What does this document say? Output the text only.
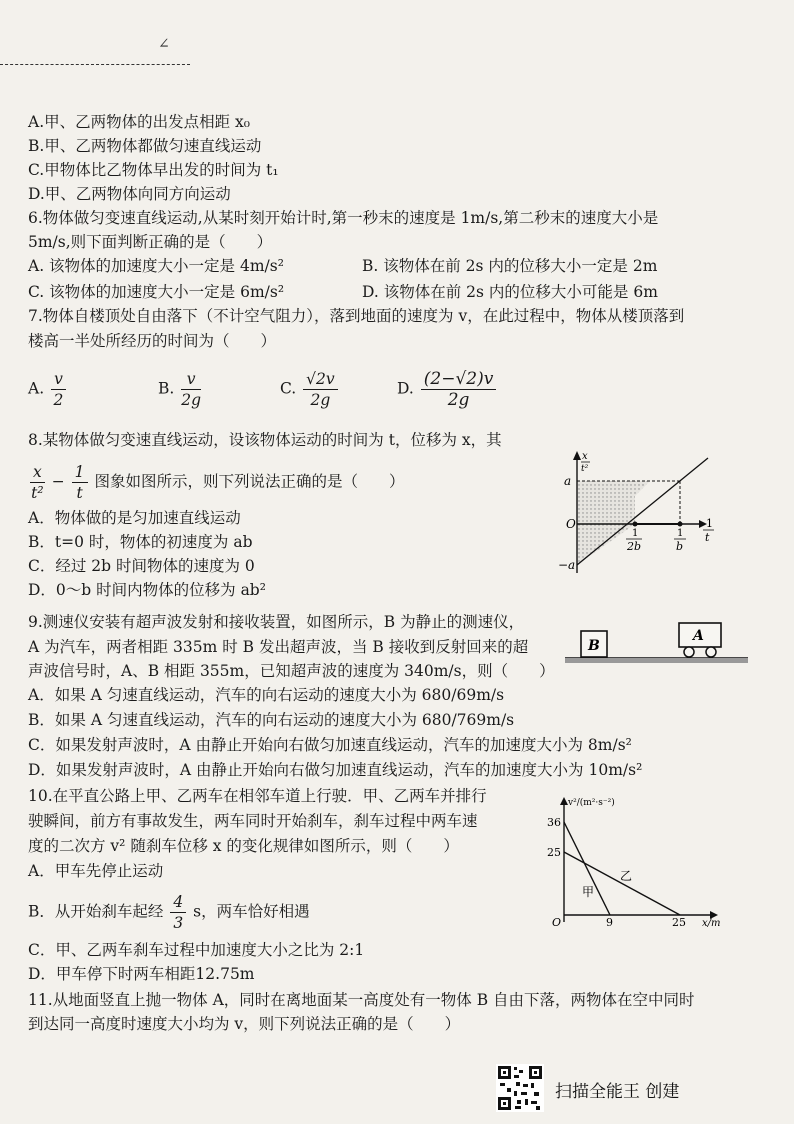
∠
A.甲、乙两物体的出发点相距 x₀
B.甲、乙两物体都做匀速直线运动
C.甲物体比乙物体早出发的时间为 t₁
D.甲、乙两物体向同方向运动
6.物体做匀变速直线运动,从某时刻开始计时,第一秒末的速度是 1m/s,第二秒末的速度大小是
5m/s,则下面判断正确的是（　　）
A. 该物体的加速度大小一定是 4m/s²	B. 该物体在前 2s 内的位移大小一定是 2m
C. 该物体的加速度大小一定是 6m/s²	D. 该物体在前 2s 内的位移大小可能是 6m
7.物体自楼顶处自由落下（不计空气阻力），落到地面的速度为 v，在此过程中，物体从楼顶落到
楼高一半处所经历的时间为（　　）
A. $\frac{v}{2}$	B. $\frac{v}{2g}$	C. $\frac{√2v}{2g}$	D. $\frac{(2-√2)v}{2g}$
8.某物体做匀变速直线运动，设该物体运动的时间为 t，位移为 x，其
$\frac{x}{\text{t²}} - \frac{1}{t}$ 图象如图所示，则下列说法正确的是（　　）
A．物体做的是匀加速直线运动
B．t=0 时，物体的初速度为 ab
C．经过 2b 时间物体的速度为 0
D．0～b 时间内物体的位移为 ab²
x
t²
a
O
−a
1
2b
1
b
1
t
9.测速仪安装有超声波发射和接收装置，如图所示，B 为静止的测速仪，
A 为汽车，两者相距 335m 时 B 发出超声波，当 B 接收到反射回来的超
声波信号时，A、B 相距 355m，已知超声波的速度为 340m/s，则（　　）
A．如果 A 匀速直线运动，汽车的向右运动的速度大小为 680/69m/s
B．如果 A 匀速直线运动，汽车的向右运动的速度大小为 680/769m/s
C．如果发射声波时，A 由静止开始向右做匀加速直线运动，汽车的加速度大小为 8m/s²
D．如果发射声波时，A 由静止开始向右做匀加速直线运动，汽车的加速度大小为 10m/s²
B
A
10.在平直公路上甲、乙两车在相邻车道上行驶．甲、乙两车并排行
驶瞬间，前方有事故发生，两车同时开始刹车，刹车过程中两车速
度的二次方 v² 随刹车位移 x 的变化规律如图所示，则（　　）
A．甲车先停止运动
B．从开始刹车起经 $\frac{4}{3}$ s，两车恰好相遇
C．甲、乙两车刹车过程中加速度大小之比为 2:1
D．甲车停下时两车相距12.75m
v²/(m²·s⁻²)
36
25
O	9	25 x/m
甲
乙
11.从地面竖直上抛一物体 A，同时在离地面某一高度处有一物体 B 自由下落，两物体在空中同时
到达同一高度时速度大小均为 v，则下列说法正确的是（　　）
扫描全能王 创建
